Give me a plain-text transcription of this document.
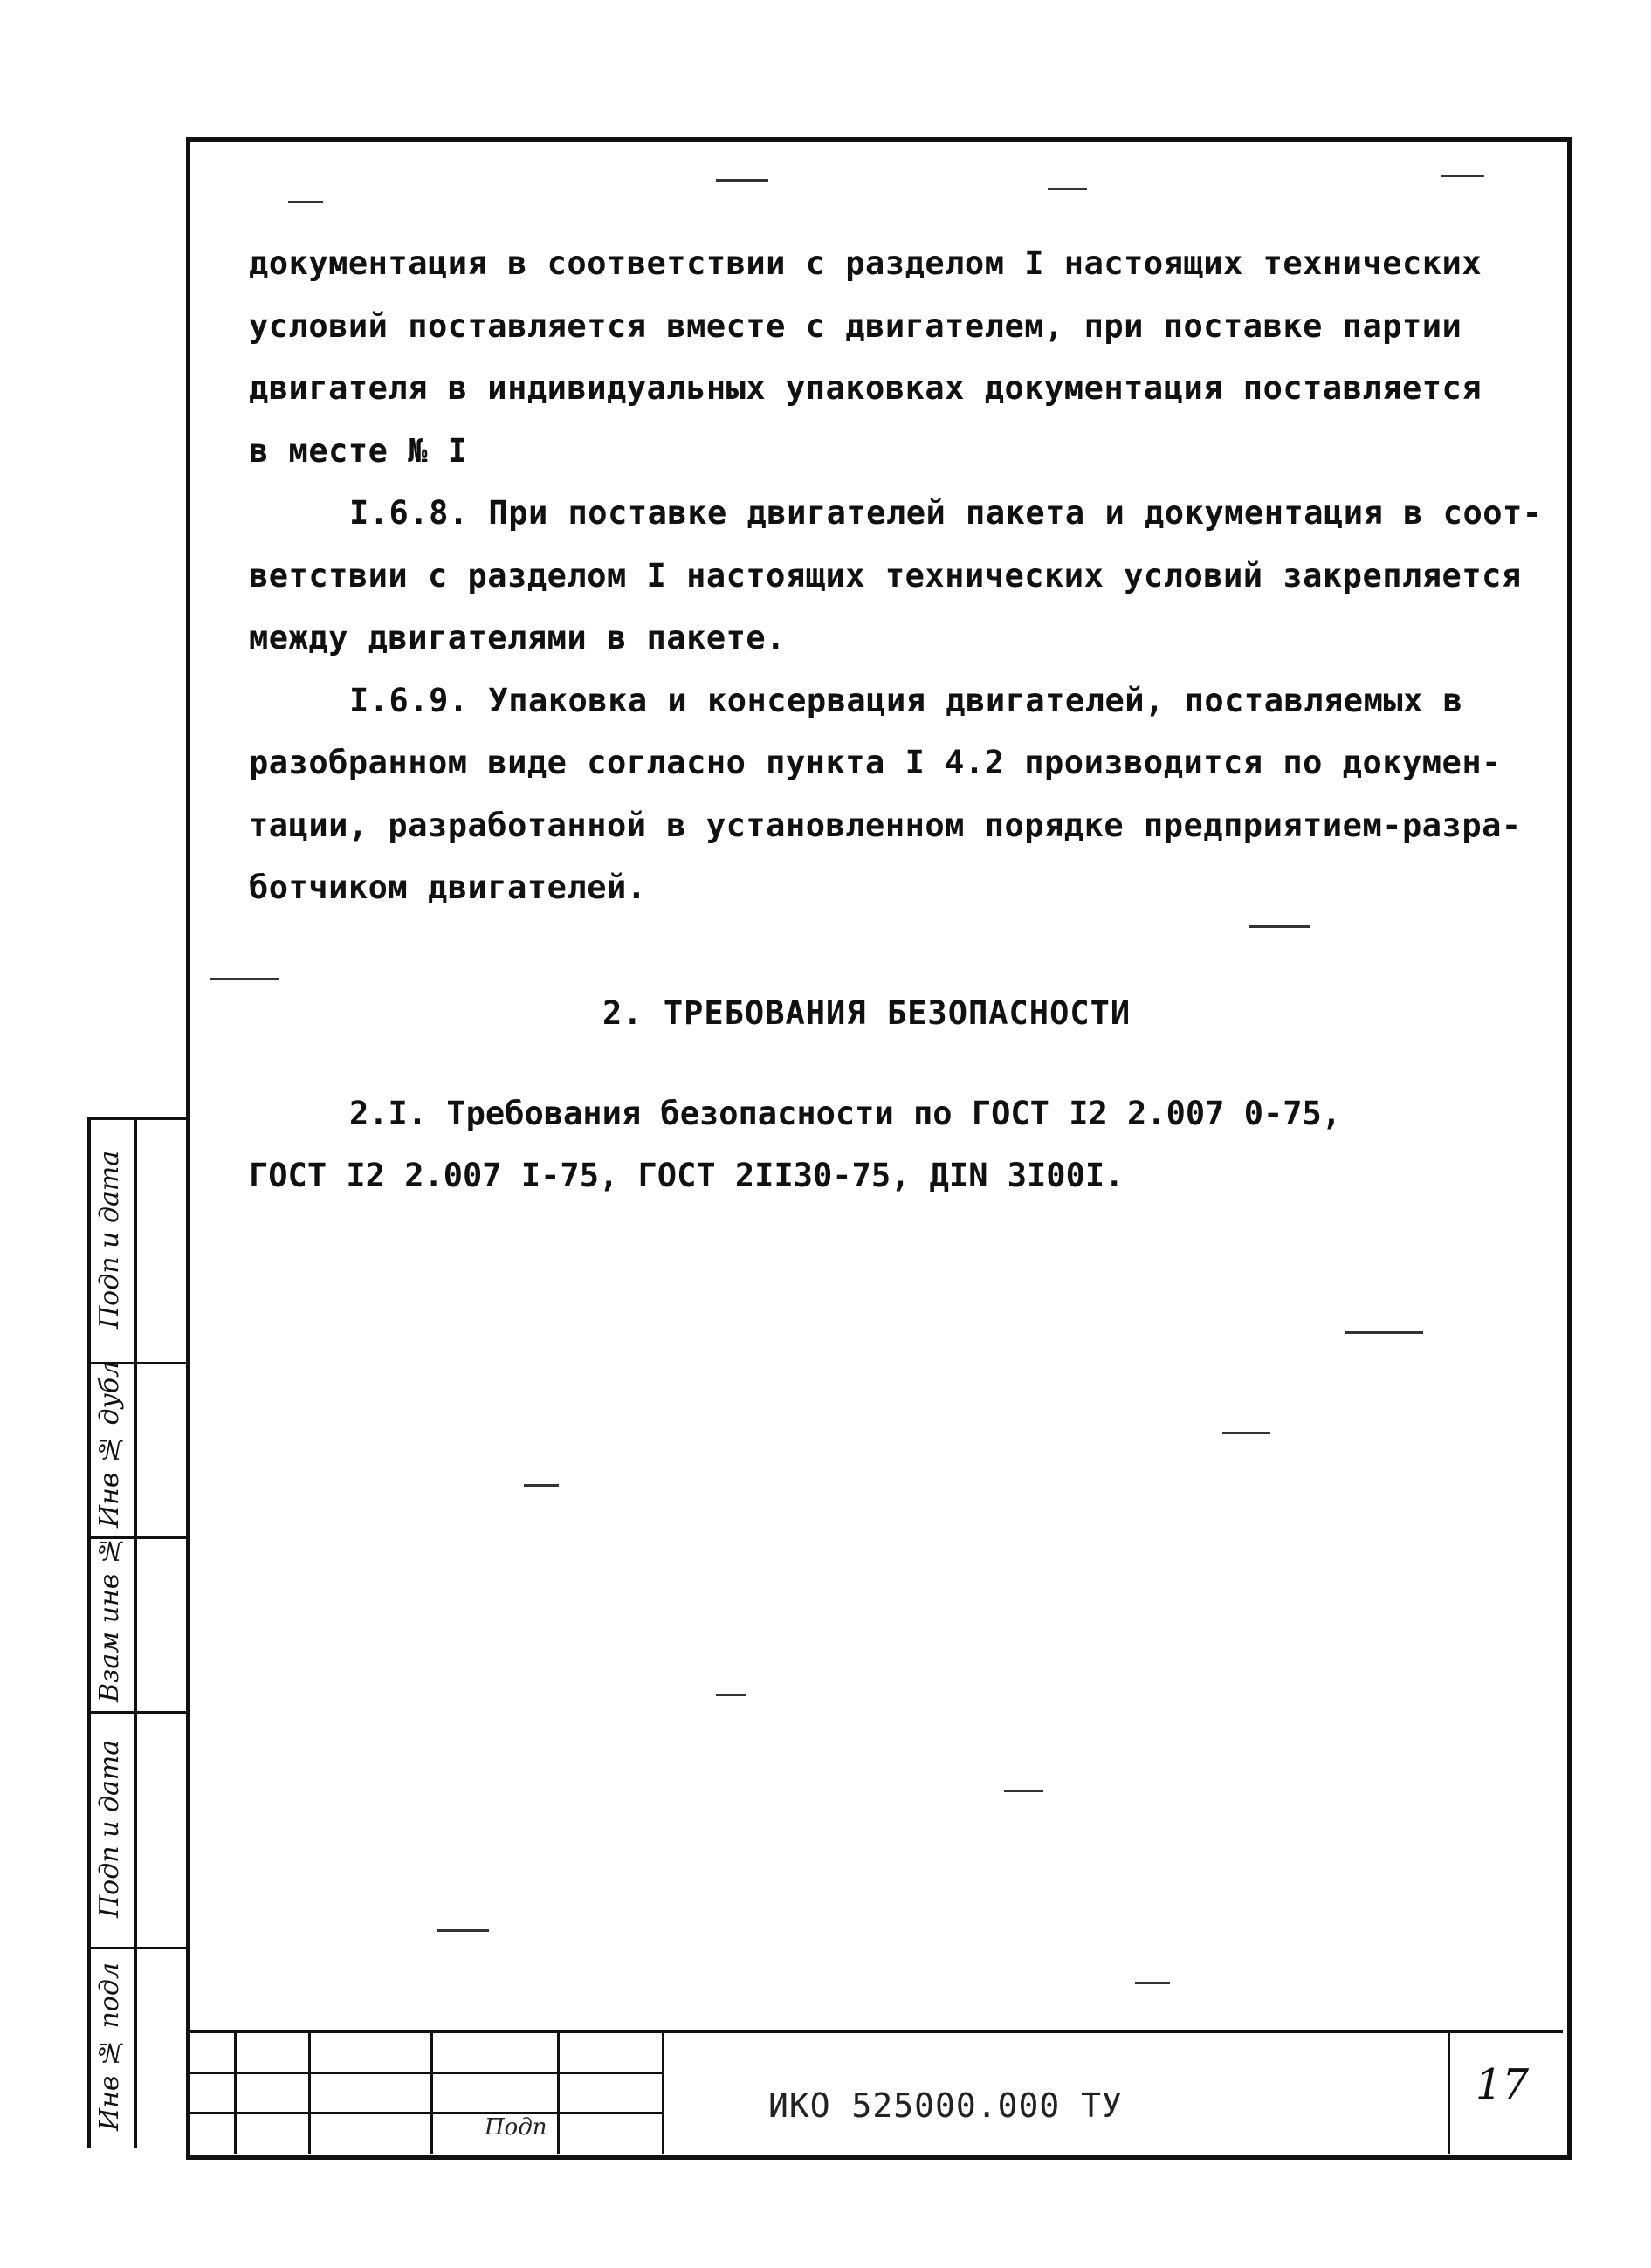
документация в соответствии с разделом I настоящих технических
условий поставляется вместе с двигателем, при поставке партии
двигателя в индивидуальных упаковках документация поставляется
в месте № I
I.6.8. При поставке двигателей пакета и документация в соот-
ветствии с разделом I настоящих технических условий закрепляется
между двигателями в пакете.
I.6.9. Упаковка и консервация двигателей, поставляемых в
разобранном виде согласно пункта I 4.2 производится по докумен-
тации, разработанной в установленном порядке предприятием-разра-
ботчиком двигателей.
2. ТРЕБОВАНИЯ БЕЗОПАСНОСТИ
2.I. Требования безопасности по ГОСТ I2 2.007 0-75,
ГОСТ I2 2.007 I-75, ГОСТ 2II30-75, ДIN 3I00I.
Подп и дата
Инв № дубл
Взам инв №
Подп и дата
Инв № подл	ИКО 525000.000 ТУ	17
Подп
